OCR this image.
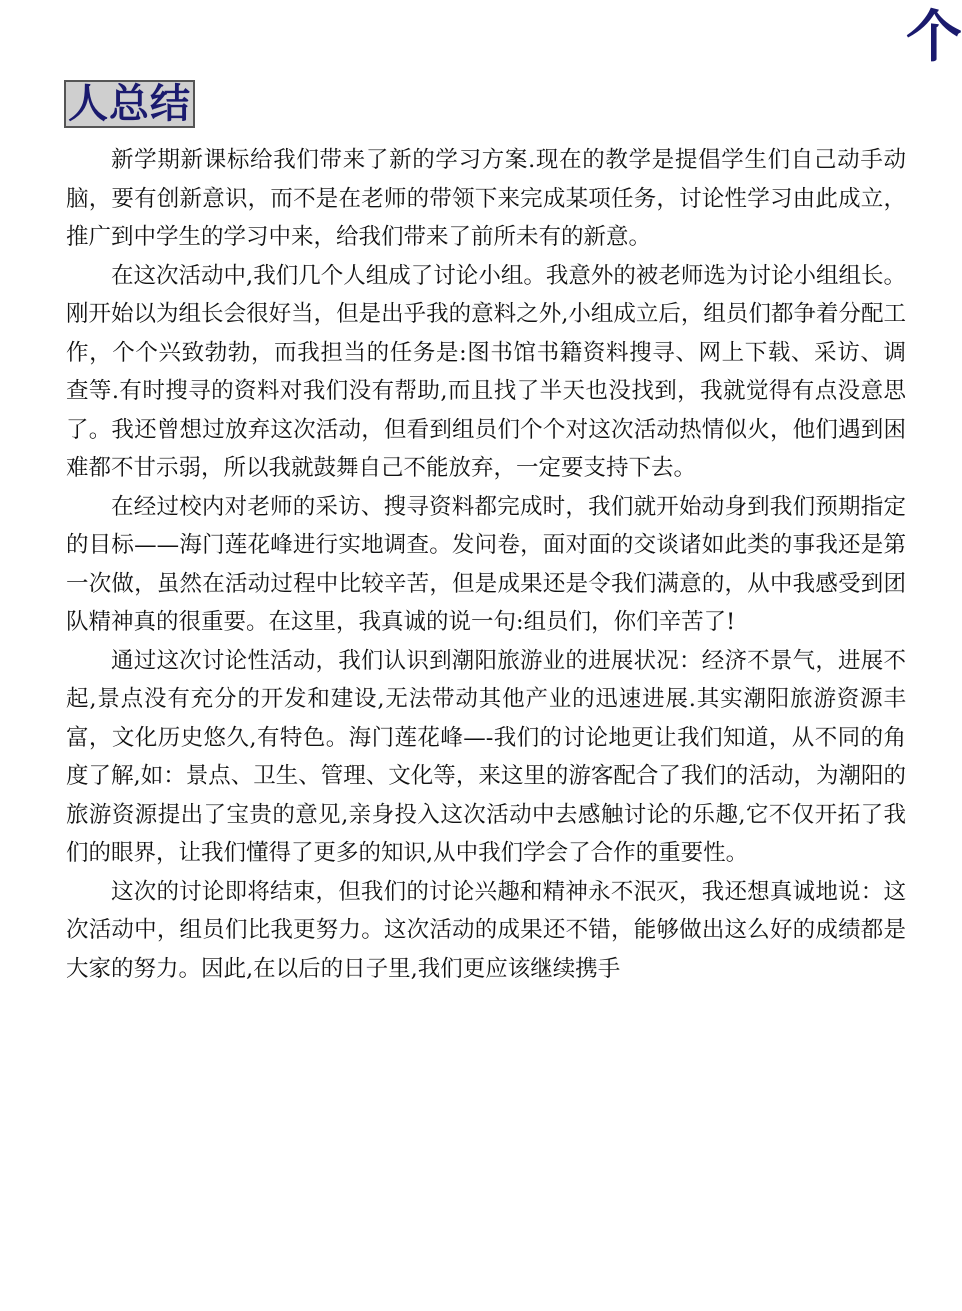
个
人总结

新学期新课标给我们带来了新的学习方案.现在的教学是提倡学生们自己动手动脑，要有创新意识，而不是在老师的带领下来完成某项任务，讨论性学习由此成立，推广到中学生的学习中来，给我们带来了前所未有的新意。

在这次活动中,我们几个人组成了讨论小组。我意外的被老师选为讨论小组组长。刚开始以为组长会很好当，但是出乎我的意料之外,小组成立后，组员们都争着分配工作，个个兴致勃勃，而我担当的任务是:图书馆书籍资料搜寻、网上下载、采访、调查等.有时搜寻的资料对我们没有帮助,而且找了半天也没找到，我就觉得有点没意思了。我还曾想过放弃这次活动，但看到组员们个个对这次活动热情似火，他们遇到困难都不甘示弱，所以我就鼓舞自己不能放弃，一定要支持下去。

在经过校内对老师的采访、搜寻资料都完成时，我们就开始动身到我们预期指定的目标——海门莲花峰进行实地调查。发问卷，面对面的交谈诸如此类的事我还是第一次做，虽然在活动过程中比较辛苦，但是成果还是令我们满意的，从中我感受到团队精神真的很重要。在这里，我真诚的说一句:组员们，你们辛苦了!

通过这次讨论性活动，我们认识到潮阳旅游业的进展状况：经济不景气，进展不起,景点没有充分的开发和建设,无法带动其他产业的迅速进展.其实潮阳旅游资源丰富，文化历史悠久,有特色。海门莲花峰—-我们的讨论地更让我们知道，从不同的角度了解,如：景点、卫生、管理、文化等，来这里的游客配合了我们的活动，为潮阳的旅游资源提出了宝贵的意见,亲身投入这次活动中去感触讨论的乐趣,它不仅开拓了我们的眼界，让我们懂得了更多的知识,从中我们学会了合作的重要性。

这次的讨论即将结束，但我们的讨论兴趣和精神永不泯灭，我还想真诚地说：这次活动中，组员们比我更努力。这次活动的成果还不错，能够做出这么好的成绩都是大家的努力。因此,在以后的日子里,我们更应该继续携手
